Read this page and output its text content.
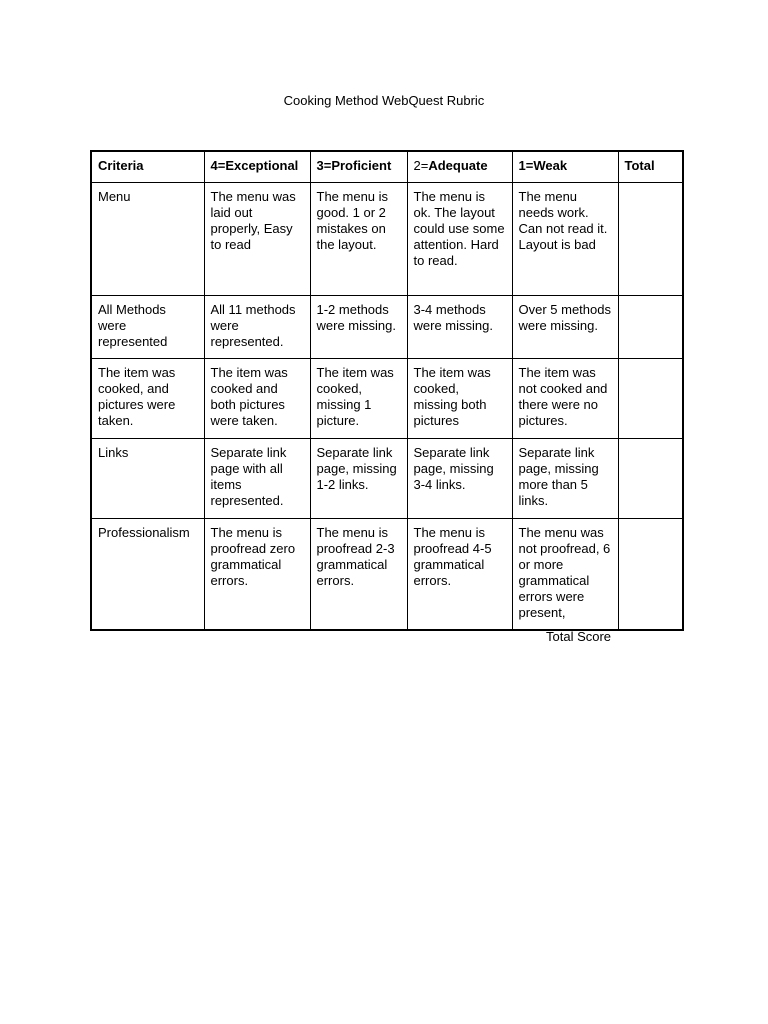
Cooking Method WebQuest Rubric
Criteria	4=Exceptional	3=Proficient	2=Adequate	1=Weak	Total
Menu	The menu was laid out properly, Easy to read	The menu is good. 1 or 2 mistakes on the layout.	The menu is ok. The layout could use some attention. Hard to read.	The menu needs work. Can not read it. Layout is bad	
All Methods were represented	All 11 methods were represented.	1-2 methods were missing.	3-4 methods were missing.	Over 5 methods were missing.	
The item was cooked, and pictures were taken.	The item was cooked and both pictures were taken.	The item was cooked, missing 1 picture.	The item was cooked, missing both pictures	The item was not cooked and there were no pictures.	
Links	Separate link page with all items represented.	Separate link page, missing 1-2 links.	Separate link page, missing 3-4 links.	Separate link page, missing more than 5 links.	
Professionalism	The menu is proofread zero grammatical errors.	The menu is proofread 2-3 grammatical errors.	The menu is proofread 4-5 grammatical errors.	The menu was not proofread, 6 or more grammatical errors were present,	

Total Score
